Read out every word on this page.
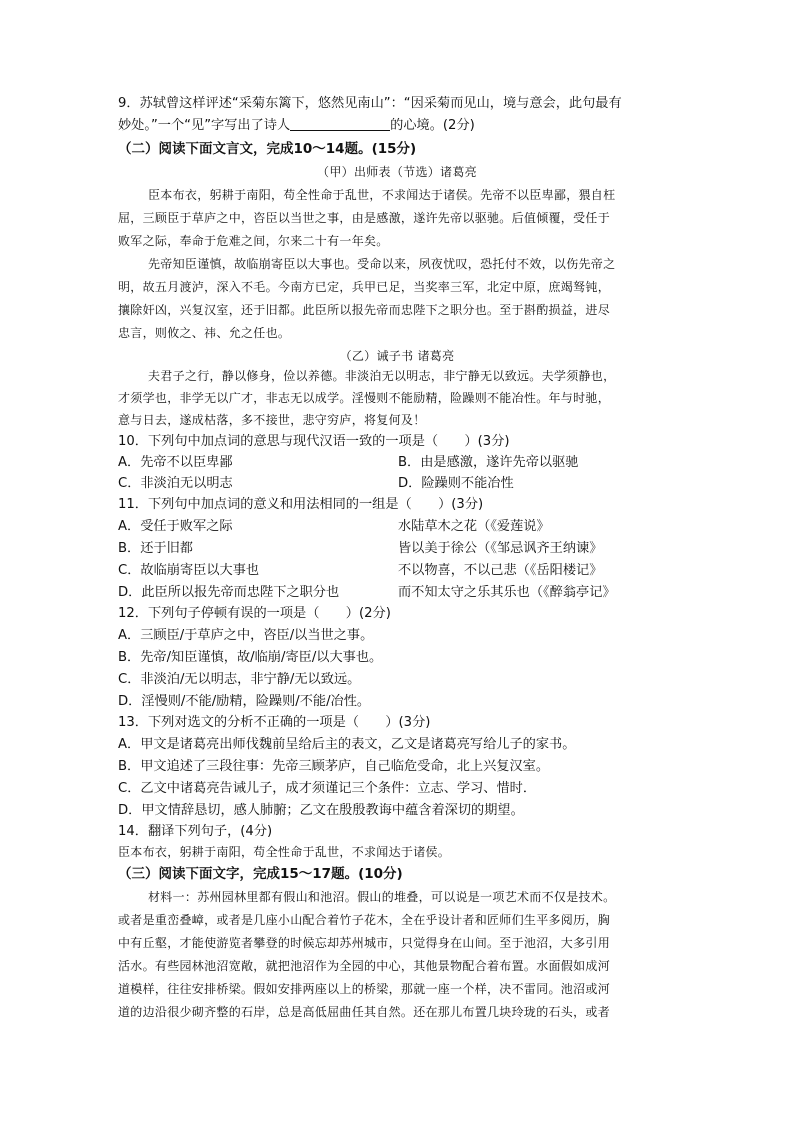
9．苏轼曾这样评述“采菊东篱下，悠然见南山”：“因采菊而见山，境与意会，此句最有
妙处。”一个“见”字写出了诗人	的心境。(2分)
（二）阅读下面文言文，完成10～14题。(15分)
（甲）出师表（节选）诸葛亮
臣本布衣，躬耕于南阳，苟全性命于乱世，不求闻达于诸侯。先帝不以臣卑鄙，猥自枉
屈，三顾臣于草庐之中，咨臣以当世之事，由是感激，遂许先帝以驱驰。后值倾覆，受任于
败军之际，奉命于危难之间，尔来二十有一年矣。
先帝知臣谨慎，故临崩寄臣以大事也。受命以来，夙夜忧叹，恐托付不效，以伤先帝之
明，故五月渡泸，深入不毛。今南方已定，兵甲已足，当奖率三军，北定中原，庶竭驽钝，
攘除奸凶，兴复汉室，还于旧都。此臣所以报先帝而忠陛下之职分也。至于斟酌损益，进尽
忠言，则攸之、祎、允之任也。
（乙）诫子书 诸葛亮
夫君子之行，静以修身，俭以养德。非淡泊无以明志，非宁静无以致远。夫学须静也，
才须学也，非学无以广才，非志无以成学。淫慢则不能励精，险躁则不能冶性。年与时驰，
意与日去，遂成枯落，多不接世，悲守穷庐，将复何及！
10．下列句中加点词的意思与现代汉语一致的一项是（　　）(3分)
A．先帝不以臣卑鄙	B．由是感激，遂许先帝以驱驰
C．非淡泊无以明志	D．险躁则不能冶性
11．下列句中加点词的意义和用法相同的一组是（　　）(3分)
A．受任于败军之际	水陆草木之花（《爱莲说》
B．还于旧都	皆以美于徐公（《邹忌讽齐王纳谏》
C．故临崩寄臣以大事也	不以物喜，不以己悲（《岳阳楼记》
D．此臣所以报先帝而忠陛下之职分也	而不知太守之乐其乐也（《醉翁亭记》
12．下列句子停顿有误的一项是（　　）(2分)
A．三顾臣/于草庐之中，咨臣/以当世之事。
B．先帝/知臣谨慎，故/临崩/寄臣/以大事也。
C．非淡泊/无以明志，非宁静/无以致远。
D．淫慢则/不能/励精，险躁则/不能/冶性。
13．下列对选文的分析不正确的一项是（　　）(3分)
A．甲文是诸葛亮出师伐魏前呈给后主的表文，乙文是诸葛亮写给儿子的家书。
B．甲文追述了三段往事：先帝三顾茅庐，自己临危受命，北上兴复汉室。
C．乙文中诸葛亮告诫儿子，成才须谨记三个条件：立志、学习、惜时．
D．甲文情辞恳切，感人肺腑；乙文在殷殷教诲中蕴含着深切的期望。
14．翻译下列句子，(4分)
臣本布衣，躬耕于南阳，苟全性命于乱世，不求闻达于诸侯。
（三）阅读下面文字，完成15～17题。(10分)
材料一：苏州园林里都有假山和池沼。假山的堆叠，可以说是一项艺术而不仅是技术。
或者是重峦叠嶂，或者是几座小山配合着竹子花木，全在乎设计者和匠师们生平多阅历，胸
中有丘壑，才能使游览者攀登的时候忘却苏州城市，只觉得身在山间。至于池沼，大多引用
活水。有些园林池沼宽敞，就把池沼作为全园的中心，其他景物配合着布置。水面假如成河
道模样，往往安排桥梁。假如安排两座以上的桥梁，那就一座一个样，决不雷同。池沼或河
道的边沿很少砌齐整的石岸，总是高低屈曲任其自然。还在那儿布置几块玲珑的石头，或者
